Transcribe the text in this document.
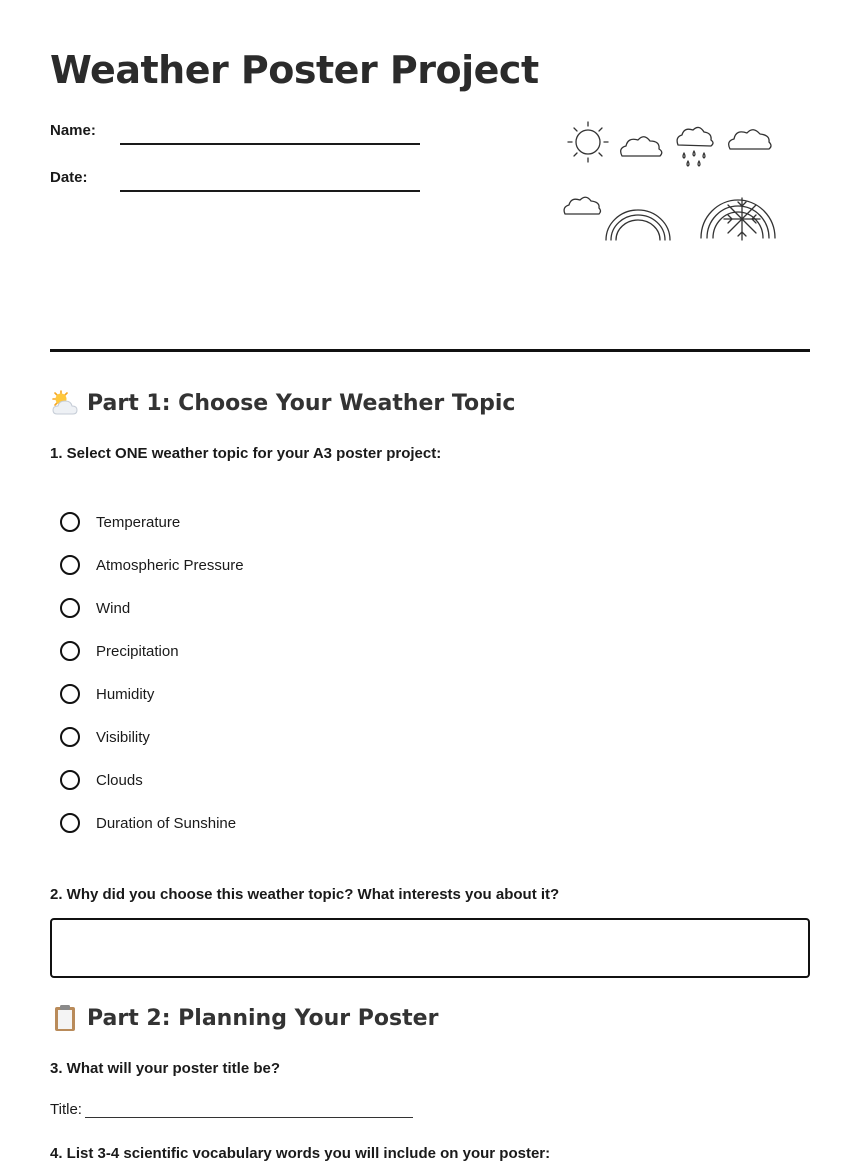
Weather Poster Project
Name:
Date:
Part 1: Choose Your Weather Topic
1. Select ONE weather topic for your A3 poster project:
Temperature
Atmospheric Pressure
Wind
Precipitation
Humidity
Visibility
Clouds
Duration of Sunshine
2. Why did you choose this weather topic? What interests you about it?
Part 2: Planning Your Poster
3. What will your poster title be?
Title:
4. List 3-4 scientific vocabulary words you will include on your poster:
